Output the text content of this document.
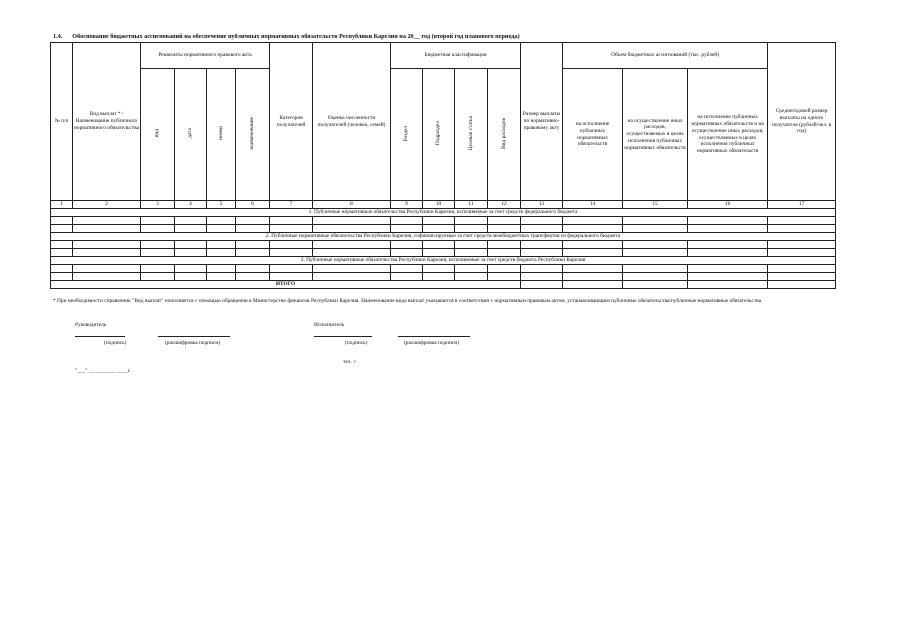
1.4. Обоснование бюджетных ассигнований на обеспечение публичных нормативных обязательств Республики Карелия на 20__ год (второй год планового периода)
№ п/п	Вид выплат * / Наименование публичного нормативного обязательства	Реквизиты нормативного правового акта				Категория получателей	Оценка численности получателей (человек, семей)	Бюджетная классификация				Размер выплаты по нормативно-правовому акту	Объем бюджетных ассигнований (тыс. рублей)			Среднегодовой размер выплаты на одного получателя (рублей/чел. в год)
		вид	дата	номер	наименование			Раздел	Подраздел	Целевая статья	Вид расходов		на исполнение публичных нормативных обязательств	на осуществление иных расходов, осуществляемых в целях исполнения публичных нормативных обязательств	на исполнение публичных нормативных обязательств и на осуществление иных расходов, осуществляемых в целях исполнения публичных нормативных обязательств	
1	2	3	4	5	6	7	8	9	10	11	12	13	14	15	16	17
1. Публичные нормативные обязательства Республики Карелия, исполняемые за счет средств федерального бюджета																

2. Публичные нормативные обязательства Республики Карелия, софинансируемые за счет средств межбюджетных трансфертов из федерального бюджета																

3. Публичные нормативные обязательства Республики Карелия, исполняемые за счет средств бюджета Республики Карелия																

ИТОГО																
* При необходимости справочник "Вид выплат" пополняется с помощью обращения в Министерство финансов Республики Карелия. Наименование вида выплат указывается в соответствии с нормативным правовым актом, устанавливающим публичные обязательства/публичные нормативные обязательства
Руководитель
(подпись)	(расшифровка подписи)
Исполнитель
(подпись)	(расшифровка подписи)
тел. ○
"___" __________ ____г.
